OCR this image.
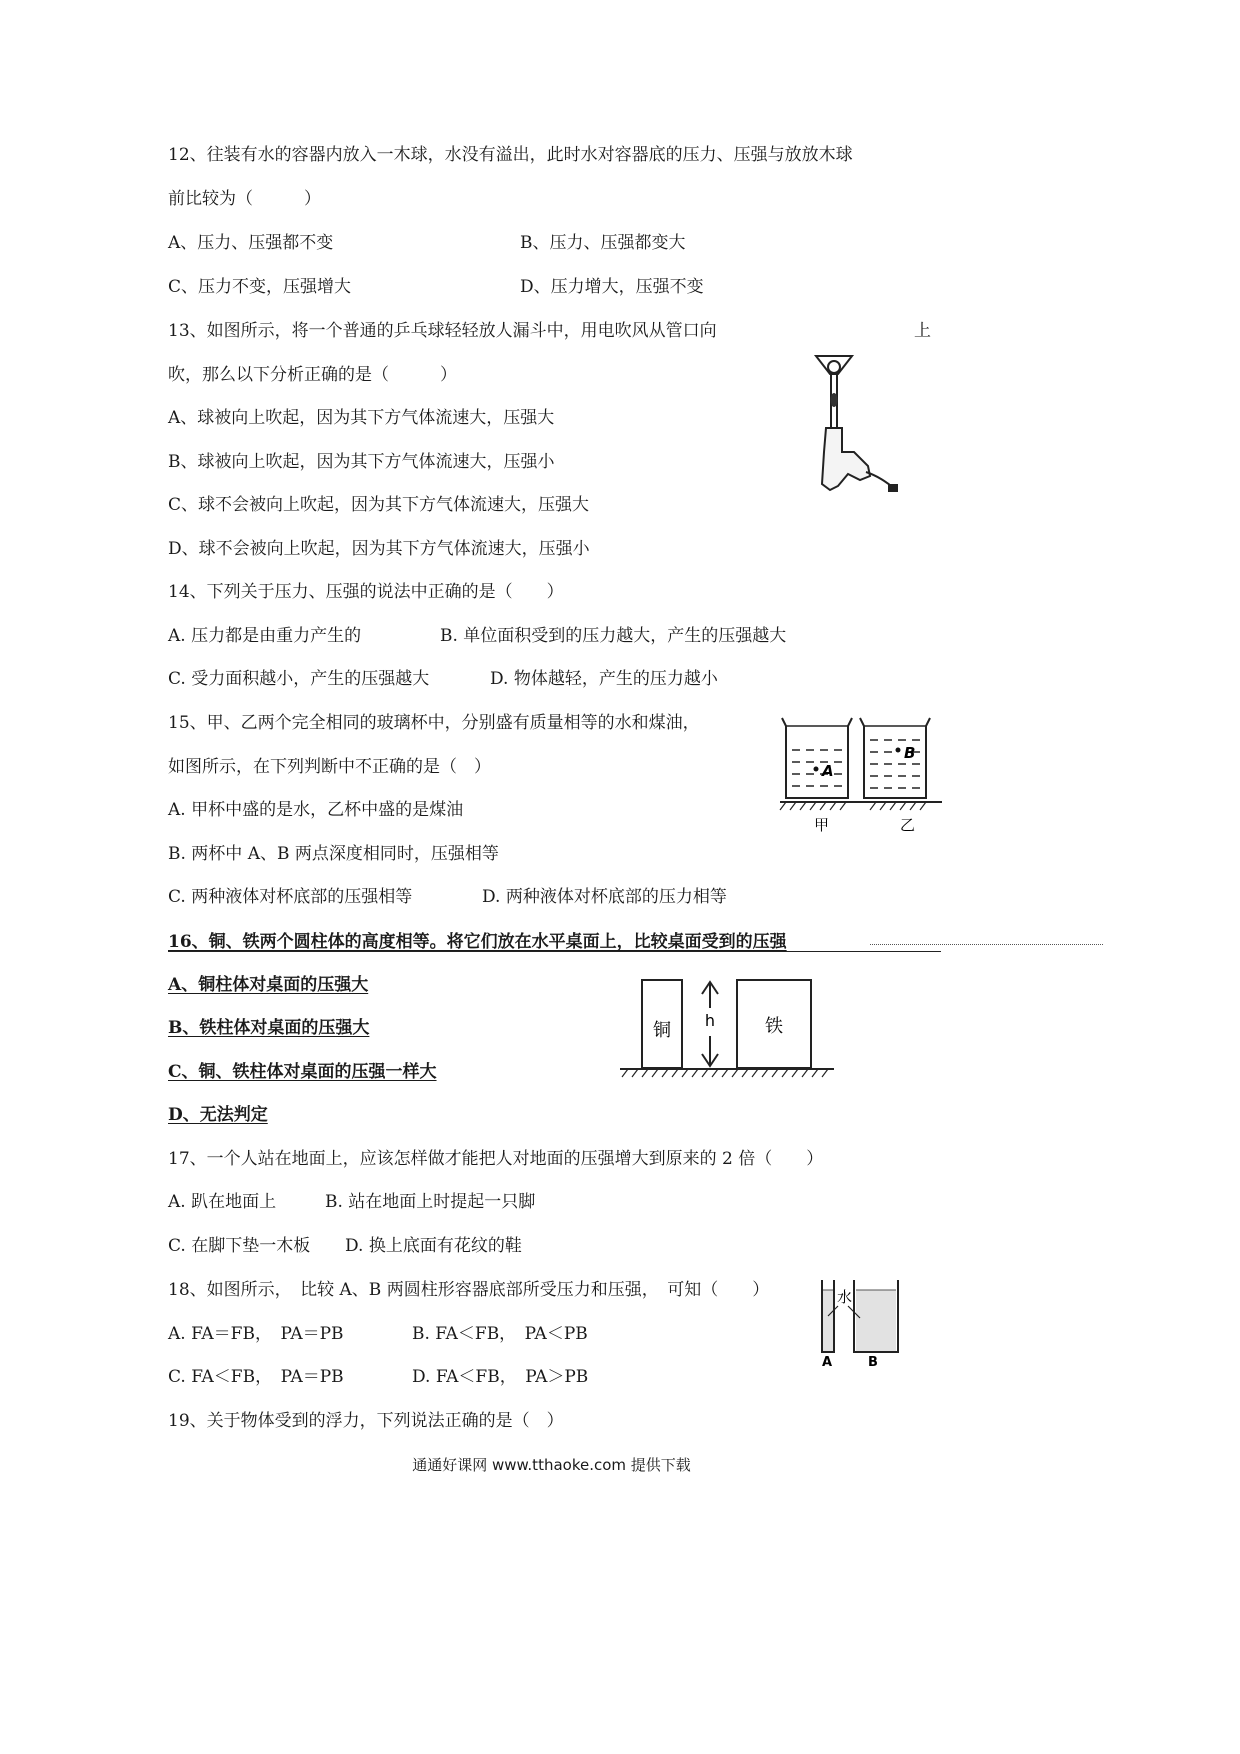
12、往装有水的容器内放入一木球，水没有溢出，此时水对容器底的压力、压强与放放木球
前比较为（　　　）
A、压力、压强都不变	B、压力、压强都变大
C、压力不变，压强增大	D、压力增大，压强不变
13、如图所示，将一个普通的乒乓球轻轻放人漏斗中，用电吹风从管口向	上
吹，那么以下分析正确的是（　　　）
A、球被向上吹起，因为其下方气体流速大，压强大
B、球被向上吹起，因为其下方气体流速大，压强小
C、球不会被向上吹起，因为其下方气体流速大，压强大
D、球不会被向上吹起，因为其下方气体流速大，压强小
14、下列关于压力、压强的说法中正确的是（　　）
A. 压力都是由重力产生的	B. 单位面积受到的压力越大，产生的压强越大
C. 受力面积越小，产生的压强越大	D. 物体越轻，产生的压力越小
15、甲、乙两个完全相同的玻璃杯中，分别盛有质量相等的水和煤油，
如图所示，在下列判断中不正确的是（　）
A. 甲杯中盛的是水，乙杯中盛的是煤油
B. 两杯中 A、B 两点深度相同时，压强相等
C. 两种液体对杯底部的压强相等	D. 两种液体对杯底部的压力相等
A
B
甲	乙
16、铜、铁两个圆柱体的高度相等。将它们放在水平桌面上，比较桌面受到的压强
A、铜柱体对桌面的压强大
B、铁柱体对桌面的压强大
C、铜、铁柱体对桌面的压强一样大
D、无法判定
铜	铁
h
17、一个人站在地面上，应该怎样做才能把人对地面的压强增大到原来的 2 倍（　　）
A. 趴在地面上	B. 站在地面上时提起一只脚
C. 在脚下垫一木板 D. 换上底面有花纹的鞋
18、如图所示，　比较 A、B 两圆柱形容器底部所受压力和压强，　可知（　　）
A. FA＝FB，　PA＝PB	B. FA＜FB，　PA＜PB
C. FA＜FB，　PA＝PB	D. FA＜FB，　PA＞PB
水
A	B
19、关于物体受到的浮力，下列说法正确的是（　）
通通好课网 www.tthaoke.com 提供下载
